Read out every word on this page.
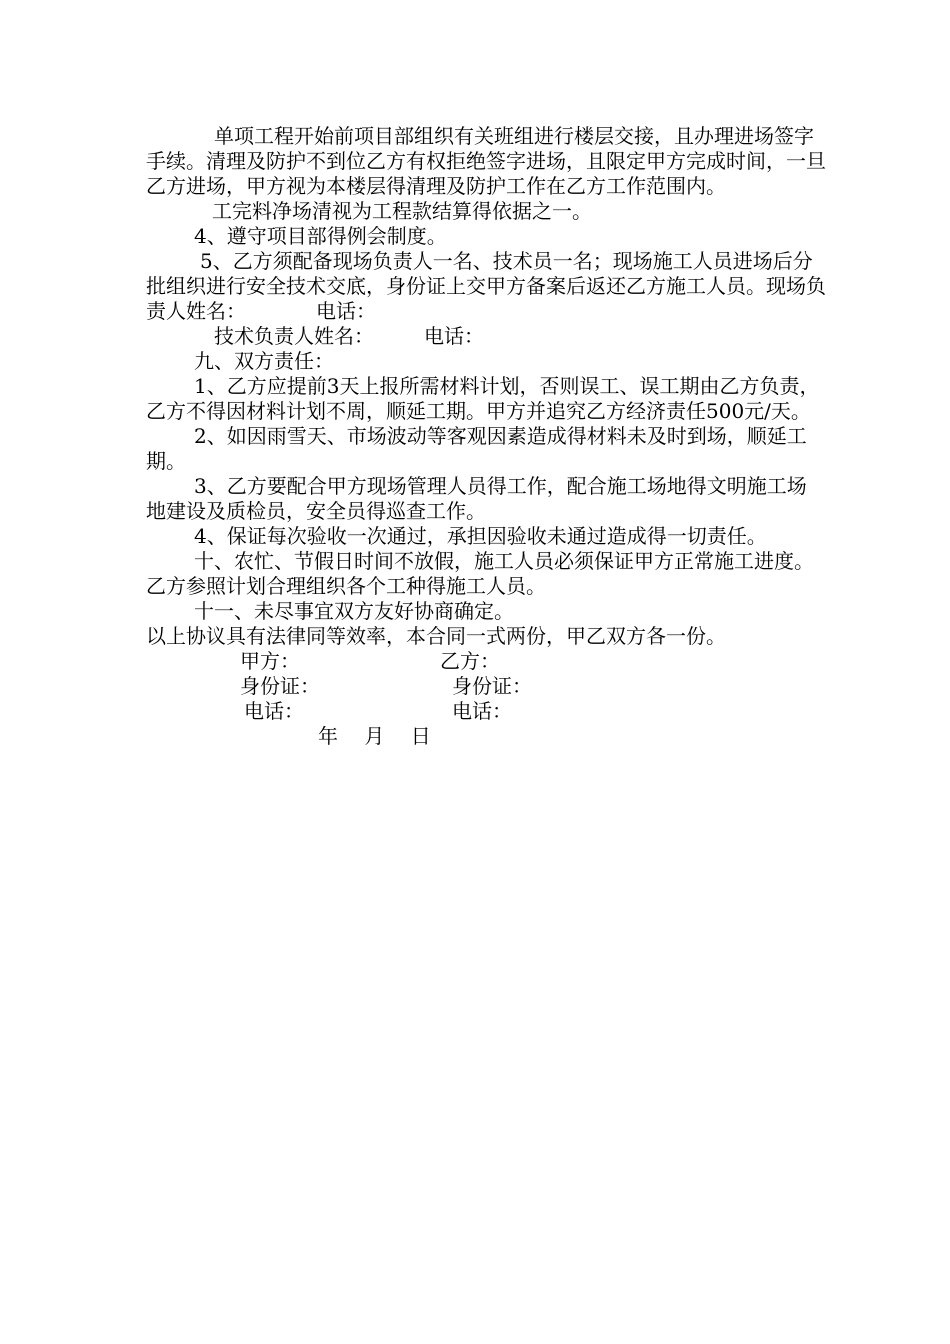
单项工程开始前项目部组织有关班组进行楼层交接，且办理进场签字手续。清理及防护不到位乙方有权拒绝签字进场，且限定甲方完成时间，一旦乙方进场，甲方视为本楼层得清理及防护工作在乙方工作范围内。

工完料净场清视为工程款结算得依据之一。

4、遵守项目部得例会制度。

5、乙方须配备现场负责人一名、技术员一名；现场施工人员进场后分批组织进行安全技术交底，身份证上交甲方备案后返还乙方施工人员。现场负责人姓名：　　　　电话：

技术负责人姓名：　　　电话：

九、双方责任：

1、乙方应提前3天上报所需材料计划，否则误工、误工期由乙方负责，乙方不得因材料计划不周，顺延工期。甲方并追究乙方经济责任500元/天。

2、如因雨雪天、市场波动等客观因素造成得材料未及时到场，顺延工期。

3、乙方要配合甲方现场管理人员得工作，配合施工场地得文明施工场地建设及质检员，安全员得巡查工作。

4、保证每次验收一次通过，承担因验收未通过造成得一切责任。

十、农忙、节假日时间不放假，施工人员必须保证甲方正常施工进度。 乙方参照计划合理组织各个工种得施工人员。

十一、未尽事宜双方友好协商确定。

以上协议具有法律同等效率，本合同一式两份，甲乙双方各一份。

甲方：	乙方：
身份证：	身份证：
电话：	电话：
年　 月　 日
